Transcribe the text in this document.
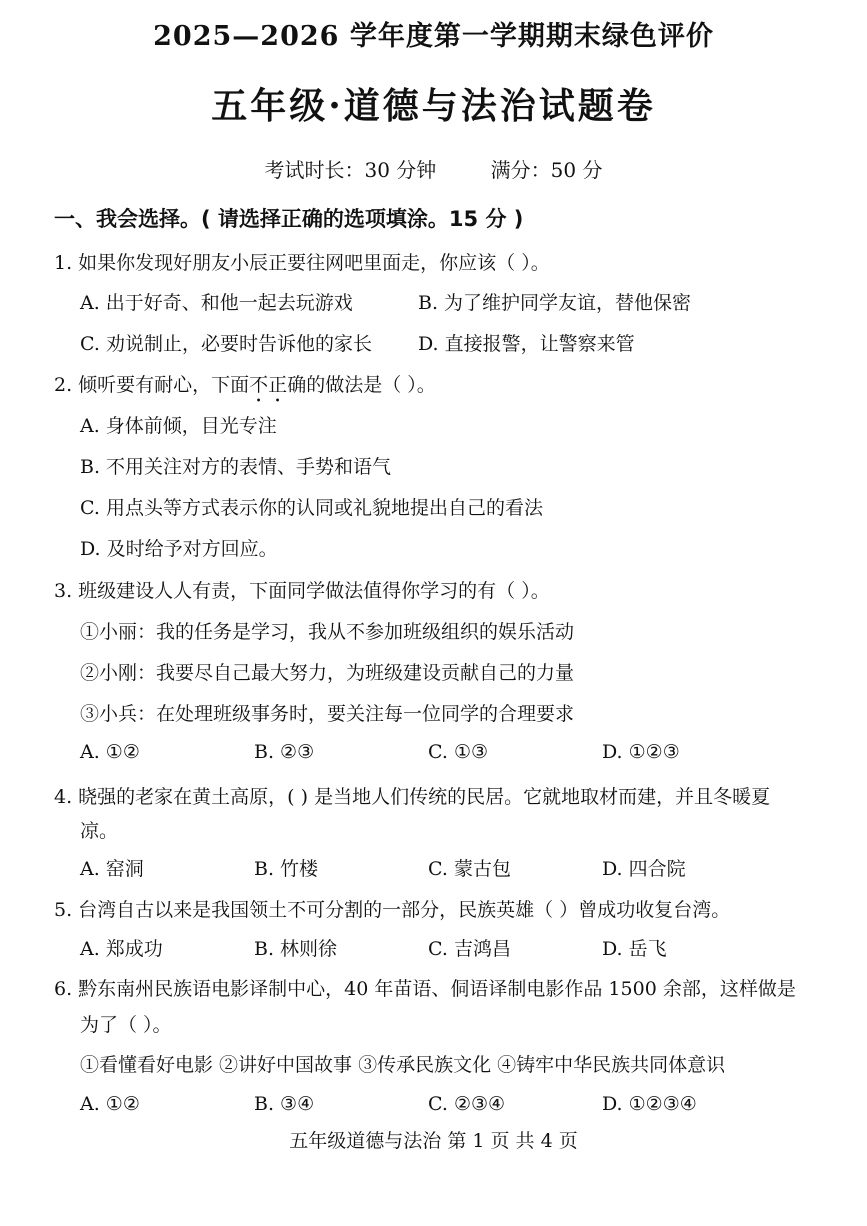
2025—2026 学年度第一学期期末绿色评价
五年级·道德与法治试题卷
考试时长：30 分钟	满分：50 分
一、我会选择。( 请选择正确的选项填涂。15 分 )
1. 如果你发现好朋友小辰正要往网吧里面走，你应该（ ）。
A. 出于好奇、和他一起去玩游戏	B. 为了维护同学友谊，替他保密
C. 劝说制止，必要时告诉他的家长 D. 直接报警，让警察来管
2. 倾听要有耐心，下面不正确的做法是（ ）。
A. 身体前倾，目光专注
B. 不用关注对方的表情、手势和语气
C. 用点头等方式表示你的认同或礼貌地提出自己的看法
D. 及时给予对方回应。
3. 班级建设人人有责，下面同学做法值得你学习的有（ ）。
①小丽：我的任务是学习，我从不参加班级组织的娱乐活动
②小刚：我要尽自己最大努力，为班级建设贡献自己的力量
③小兵：在处理班级事务时，要关注每一位同学的合理要求
A. ①②	B. ②③	C. ①③	D. ①②③
4. 晓强的老家在黄土高原，( ) 是当地人们传统的民居。它就地取材而建，并且冬暖夏
凉。
A. 窑洞	B. 竹楼	C. 蒙古包	D. 四合院
5. 台湾自古以来是我国领土不可分割的一部分，民族英雄（ ）曾成功收复台湾。
A. 郑成功	B. 林则徐	C. 吉鸿昌	D. 岳飞
6. 黔东南州民族语电影译制中心，40 年苗语、侗语译制电影作品 1500 余部，这样做是
为了（ ）。
①看懂看好电影 ②讲好中国故事 ③传承民族文化 ④铸牢中华民族共同体意识
A. ①②	B. ③④	C. ②③④	D. ①②③④
五年级道德与法治 第 1 页 共 4 页
